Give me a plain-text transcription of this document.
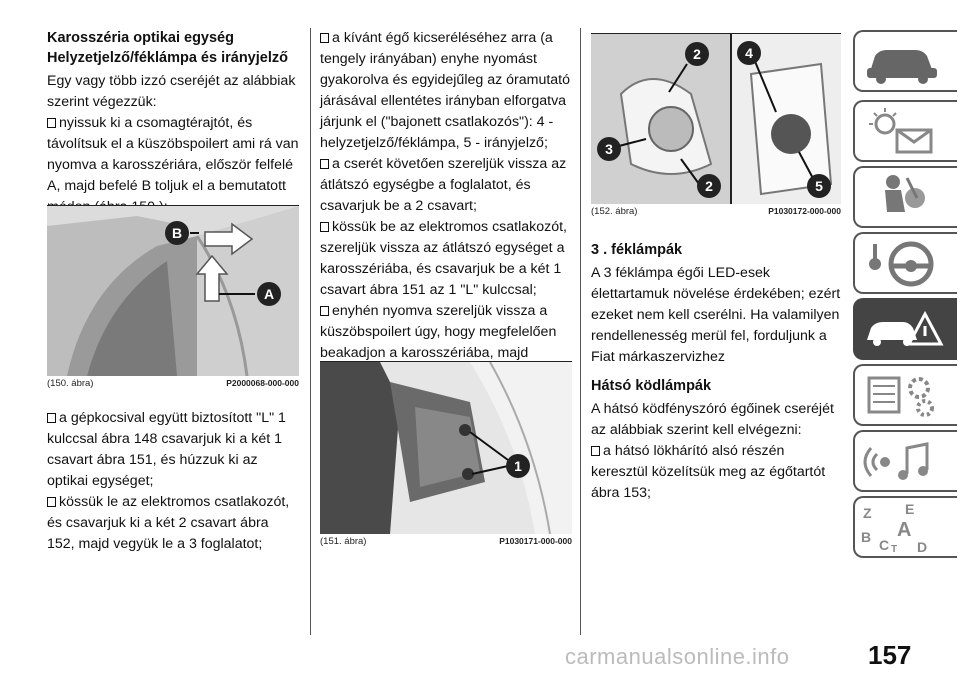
Karosszéria optikai egység

Helyzetjelző/féklámpa és irányjelző

Egy vagy több izzó cseréjét az alábbiak szerint végezzük:

nyissuk ki a csomagtérajtót, és távolítsuk el a küszöbspoilert ami rá van nyomva a karosszériára, először felfelé A, majd befelé B toljuk el a bemutatott

B
A
(150. ábra)	P2000068-000-000

a gépkocsival együtt biztosított "L" 1 kulccsal ábra 148 csavarjuk ki a két 1 csavart ábra 151, és húzzuk ki az optikai egységet;

kössük le az elektromos csatlakozót, és csavarjuk ki a két 2 csavart ábra 152, majd vegyük le a 3 foglalatot;

a kívánt égő kicseréléséhez arra (a tengely irányában) enyhe nyomást gyakorolva és egyidejűleg az óramutató járásával ellentétes irányban elforgatva járjunk el ("bajonett csatlakozós"): 4 - helyzetjelző/féklámpa, 5 - irányjelző;

a cserét követően szereljük vissza az átlátszó egységbe a foglalatot, és csavarjuk be a 2 csavart;

kössük be az elektromos csatlakozót, szereljük vissza az átlátszó egységet a karosszériába, és csavarjuk be a két 1 csavart ábra 151 az 1 "L" kulccsal;

enyhén nyomva szereljük vissza a küszöbspoilert úgy, hogy megfelelően beakadjon a karosszériába, majd

1
(151. ábra)	P1030171-000-000
2
3
2
4
5
(152. ábra)	P1030172-000-000

3 . féklámpák

A 3 féklámpa égői LED-esek élettartamuk növelése érdekében; ezért ezeket nem kell cserélni. Ha valamilyen rendellenesség merül fel, forduljunk a Fiat márkaszervizhez

Hátsó ködlámpák

A hátsó ködfényszóró égőinek cseréjét az alábbiak szerint kell elvégezni:

a hátsó lökhárító alsó részén keresztül közelítsük meg az égőtartót ábra 153;

Z E
B A
C T D
carmanualsonline.info	157
